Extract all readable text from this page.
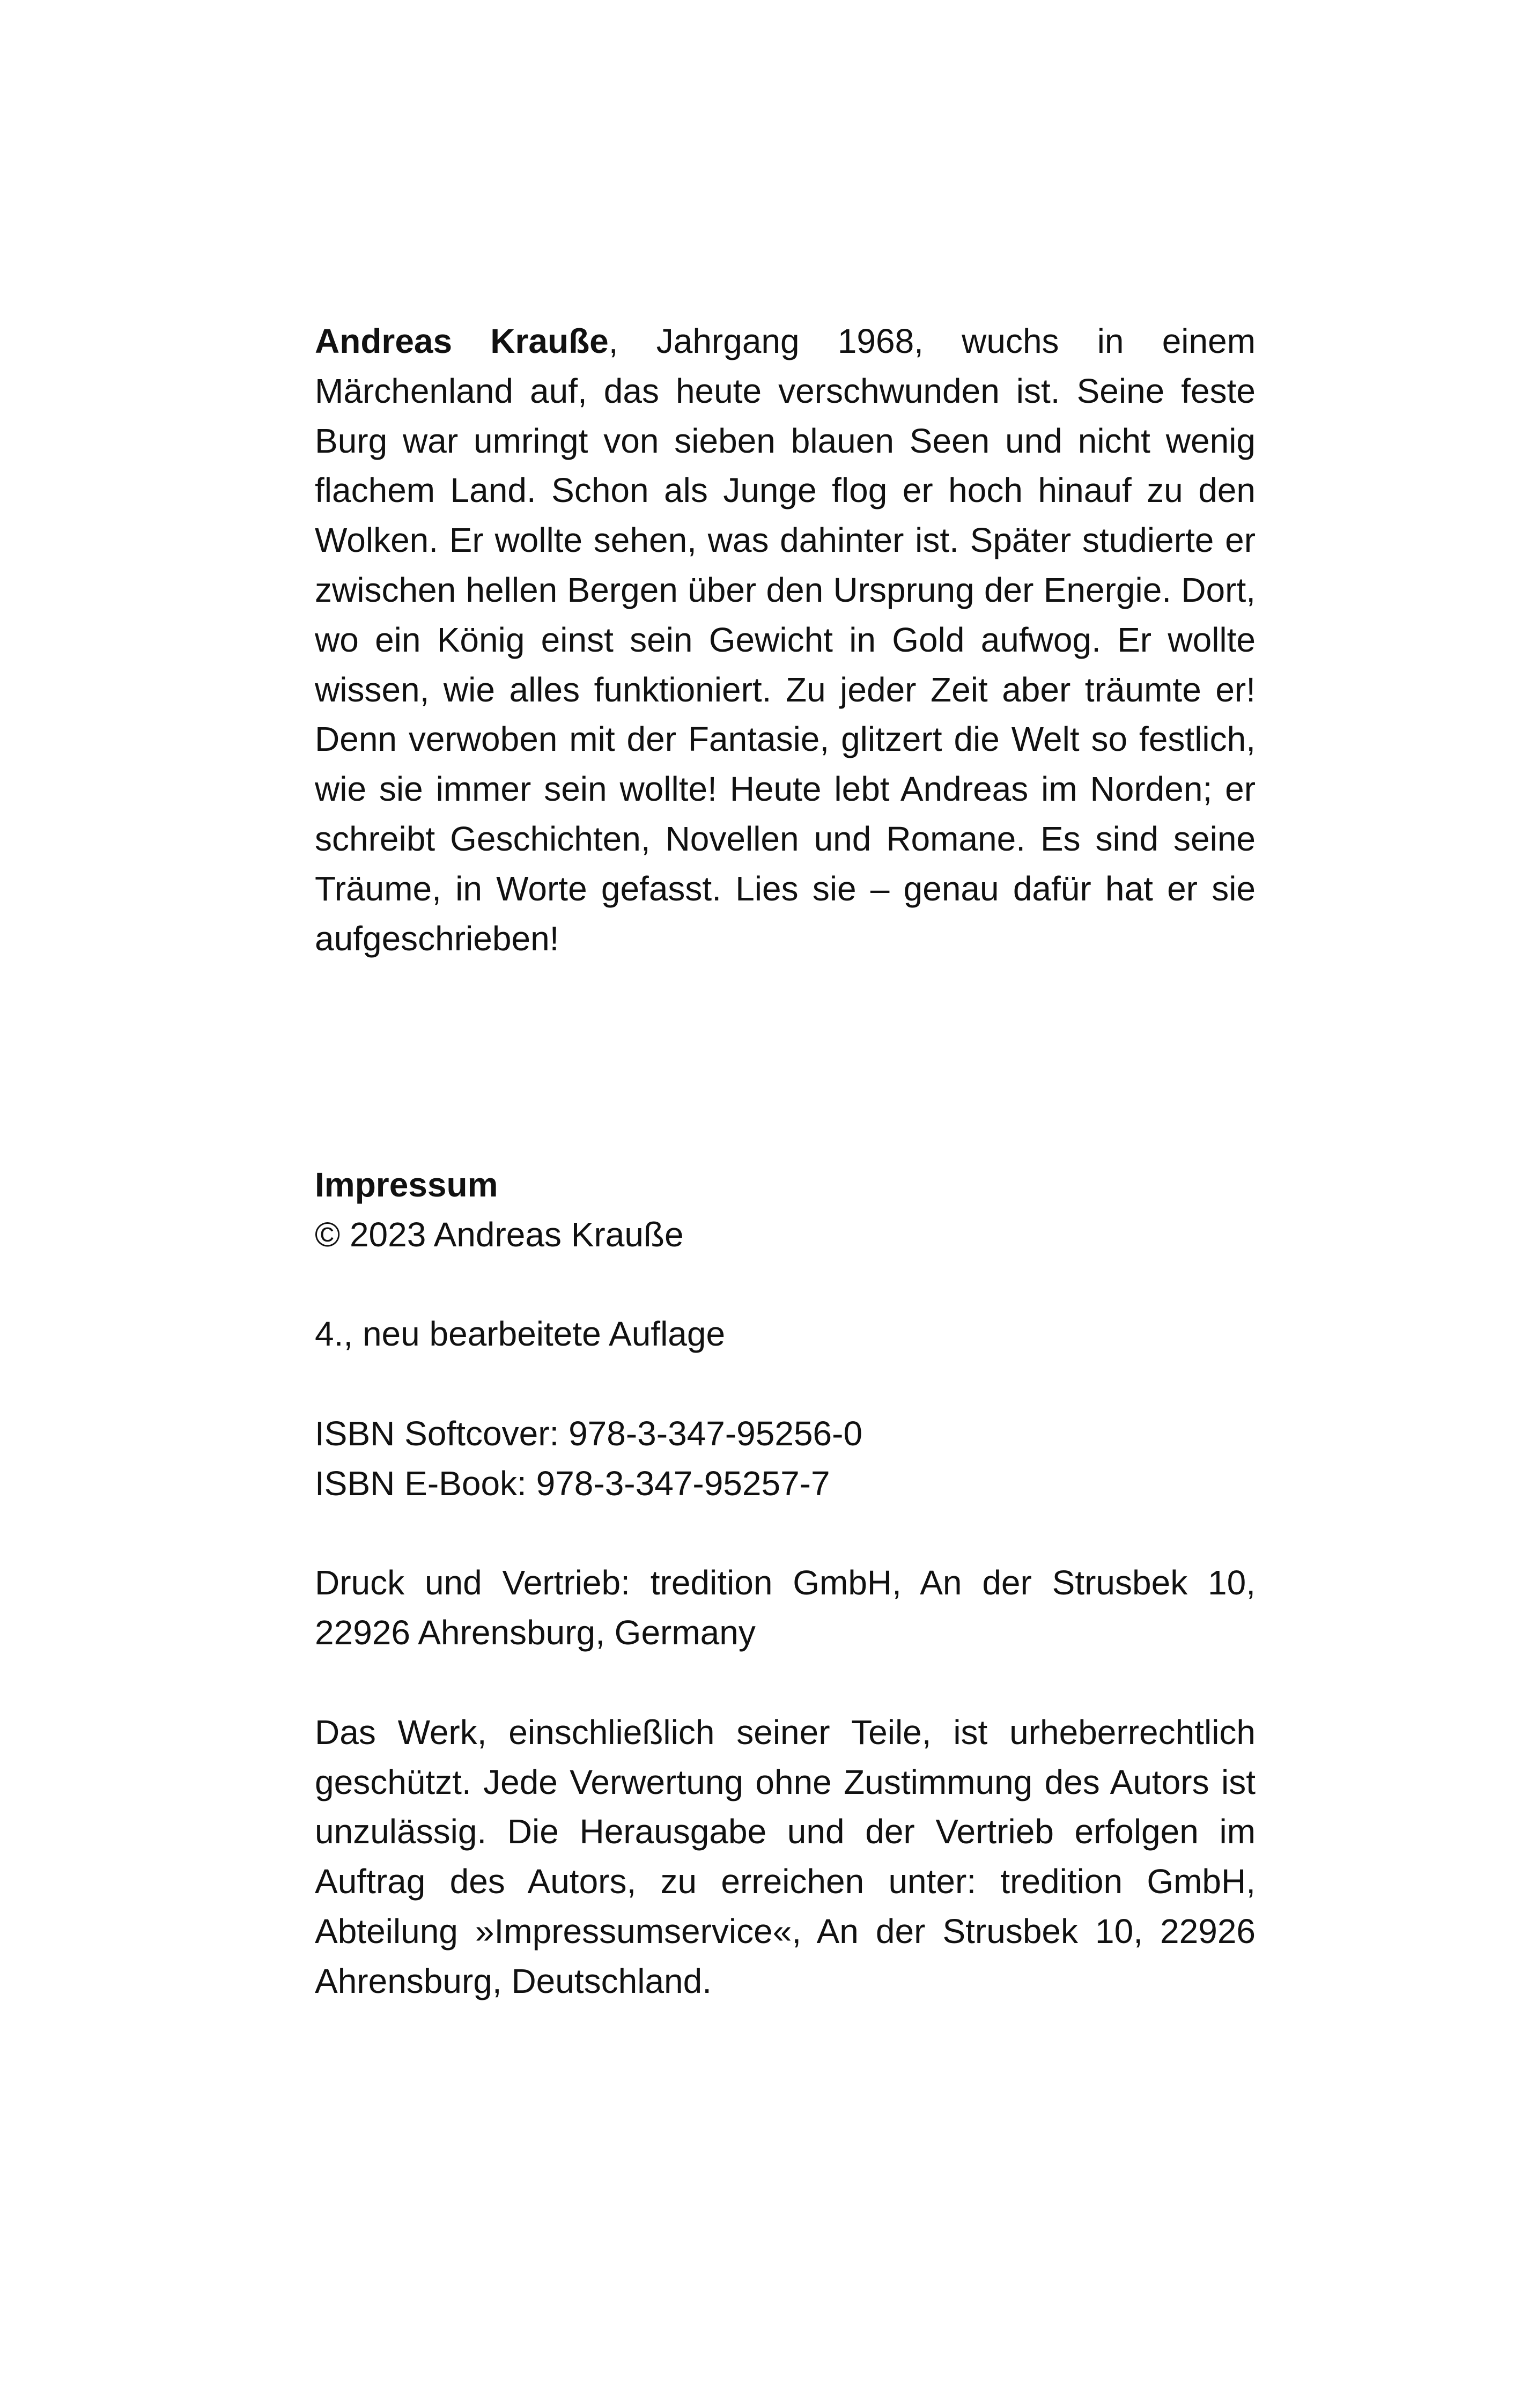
Andreas Krauße, Jahrgang 1968, wuchs in einem Märchenland auf, das heute verschwunden ist. Seine feste Burg war umringt von sieben blauen Seen und nicht wenig flachem Land. Schon als Junge flog er hoch hinauf zu den Wolken. Er wollte sehen, was dahinter ist. Später studierte er zwischen hellen Bergen über den Ursprung der Energie. Dort, wo ein König einst sein Gewicht in Gold aufwog. Er wollte wissen, wie alles funktioniert. Zu jeder Zeit aber träumte er! Denn verwoben mit der Fantasie, glitzert die Welt so festlich, wie sie immer sein wollte! Heute lebt Andreas im Norden; er schreibt Geschichten, Novellen und Romane. Es sind seine Träume, in Worte gefasst. Lies sie – genau dafür hat er sie aufgeschrieben!

Impressum

© 2023 Andreas Krauße

4., neu bearbeitete Auflage

ISBN Softcover: 978-3-347-95256-0

ISBN E-Book: 978-3-347-95257-7

Druck und Vertrieb: tredition GmbH, An der Strusbek 10, 22926 Ahrensburg, Germany

Das Werk, einschließlich seiner Teile, ist urheberrechtlich geschützt. Jede Verwertung ohne Zustimmung des Autors ist unzulässig. Die Herausgabe und der Vertrieb erfolgen im Auftrag des Autors, zu erreichen unter: tredition GmbH, Abteilung »Impressumservice«, An der Strusbek 10, 22926 Ahrensburg, Deutschland.
